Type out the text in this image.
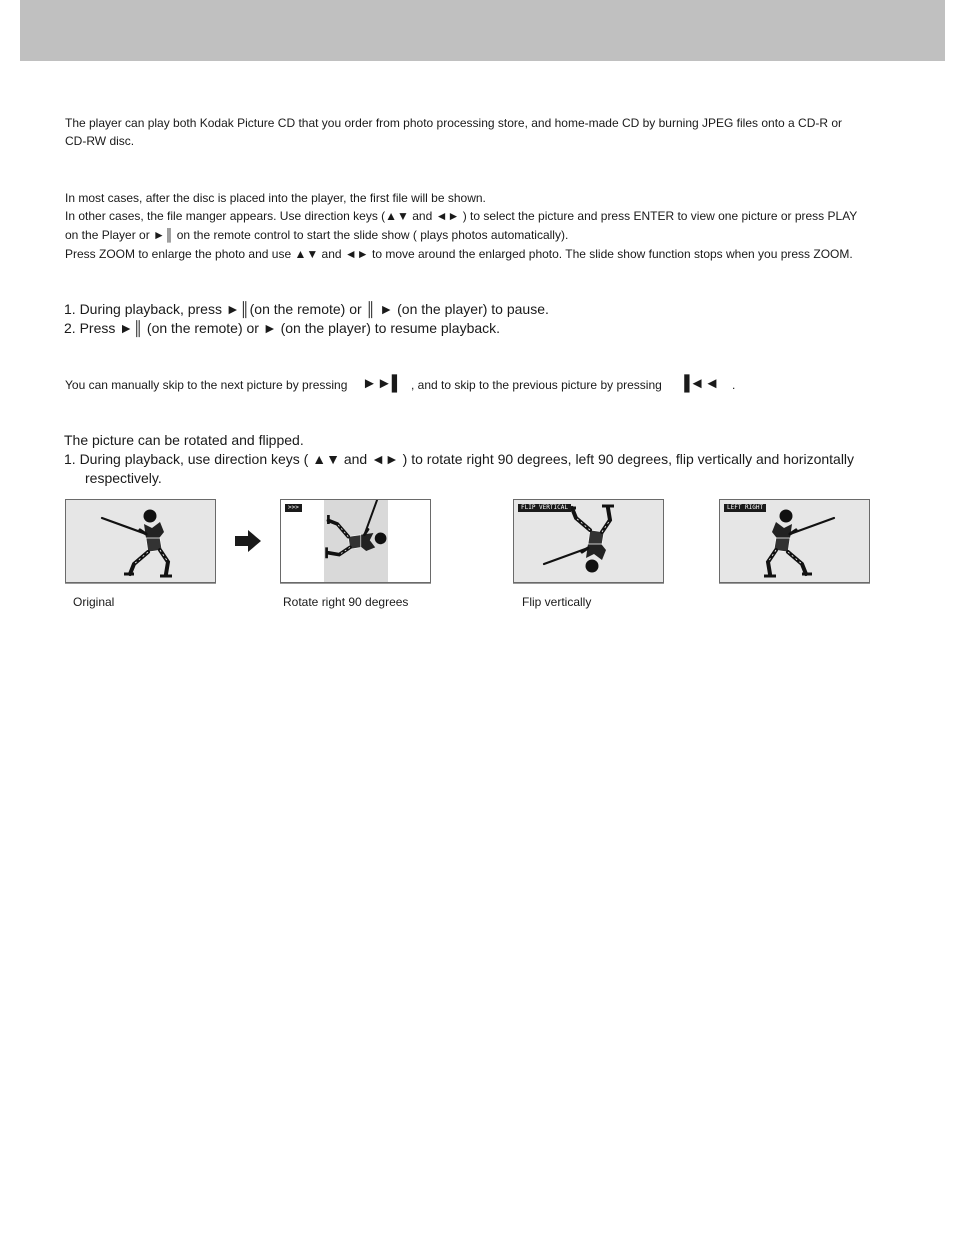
The player can play both Kodak Picture CD that you order from photo processing store, and home-made CD by burning JPEG files onto a CD-R or
CD-RW disc.
In most cases, after the disc is placed into the player, the first file will be shown.
In other cases, the file manger appears. Use direction keys (▲▼ and ◄► ) to select the picture and press ENTER to view one picture or press PLAY
on the Player or ►║ on the remote control to start the slide show ( plays photos automatically).
Press ZOOM to enlarge the photo and use ▲▼ and ◄► to move around the enlarged photo. The slide show function stops when you press ZOOM.
1. During playback, press ►║(on the remote) or ║ ► (on the player) to pause.
2. Press ►║ (on the remote) or ► (on the player) to resume playback.
You can manually skip to the next picture by pressing ►►▌ , and to skip to the previous picture by pressing ▐◄◄ .
The picture can be rotated and flipped.
1. During playback, use direction keys ( ▲▼ and ◄► ) to rotate right 90 degrees, left 90 degrees, flip vertically and horizontally
respectively.
Original
>>>
Rotate right 90 degrees
FLIP VERTICAL
Flip vertically
LEFT RIGHT
